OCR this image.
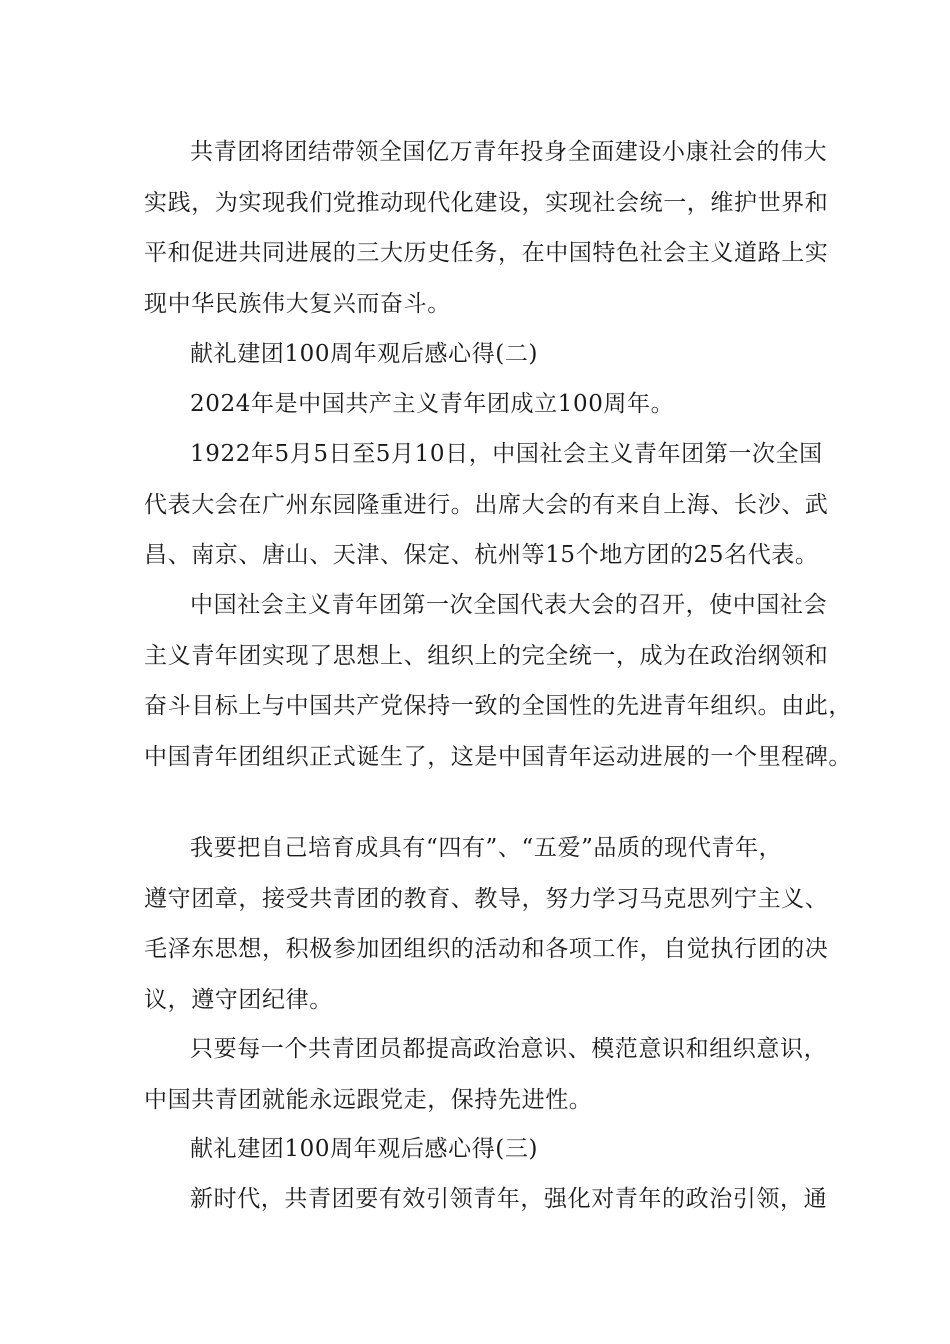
共青团将团结带领全国亿万青年投身全面建设小康社会的伟大
实践，为实现我们党推动现代化建设，实现社会统一，维护世界和
平和促进共同进展的三大历史任务，在中国特色社会主义道路上实
现中华民族伟大复兴而奋斗。
献礼建团100周年观后感心得(二)
2024年是中国共产主义青年团成立100周年。
1922年5月5日至5月10日，中国社会主义青年团第一次全国
代表大会在广州东园隆重进行。出席大会的有来自上海、长沙、武
昌、南京、唐山、天津、保定、杭州等15个地方团的25名代表。
中国社会主义青年团第一次全国代表大会的召开，使中国社会
主义青年团实现了思想上、组织上的完全统一，成为在政治纲领和
奋斗目标上与中国共产党保持一致的全国性的先进青年组织。由此，
中国青年团组织正式诞生了，这是中国青年运动进展的一个里程碑。
我要把自己培育成具有“四有”、“五爱”品质的现代青年，
遵守团章，接受共青团的教育、教导，努力学习马克思列宁主义、
毛泽东思想，积极参加团组织的活动和各项工作，自觉执行团的决
议，遵守团纪律。
只要每一个共青团员都提高政治意识、模范意识和组织意识，
中国共青团就能永远跟党走，保持先进性。
献礼建团100周年观后感心得(三)
新时代，共青团要有效引领青年，强化对青年的政治引领，通
